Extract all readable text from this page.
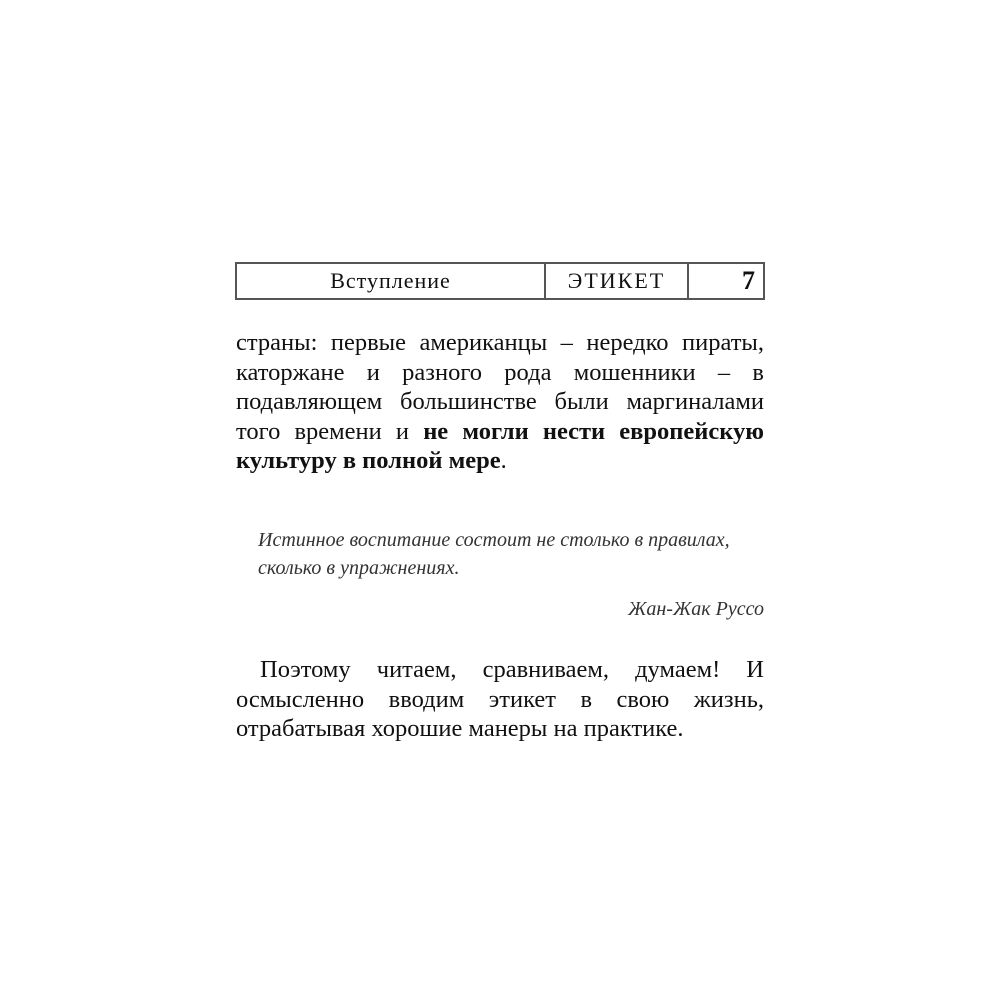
Вступление	ЭТИКЕТ	7

страны: первые американцы – нередко пираты, каторжане и разного рода мошенники – в подавляющем большинстве были маргиналами того времени и не могли нести европейскую культуру в полной мере.

Истинное воспитание состоит не столько в правилах, сколько в упражнениях.

Жан-Жак Руссо

Поэтому читаем, сравниваем, думаем! И осмысленно вводим этикет в свою жизнь, отрабатывая хорошие манеры на практике.
